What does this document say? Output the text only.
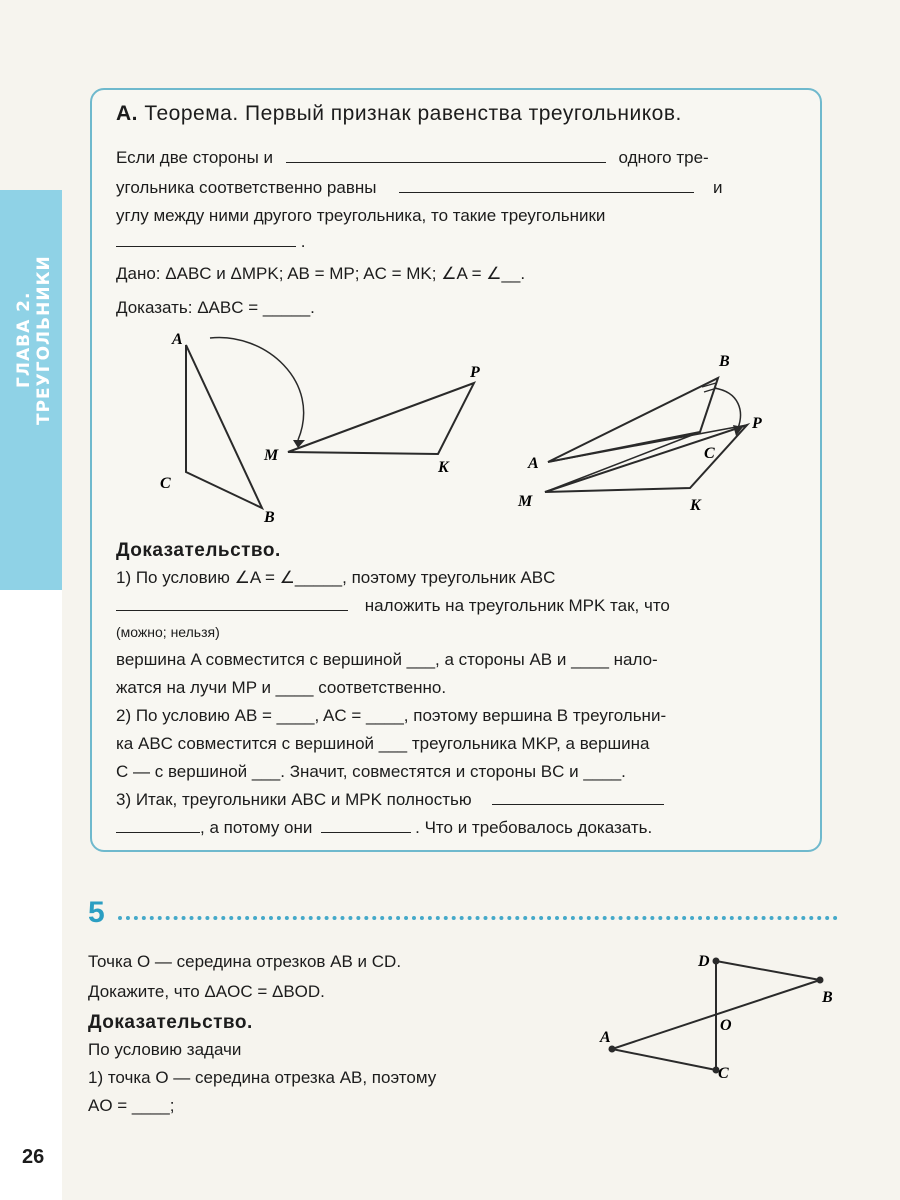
ГЛАВА 2. ТРЕУГОЛЬНИКИ
А. Теорема. Первый признак равенства треугольников.
Если две стороны и	одного тре-
угольника соответственно равны	и
углу между ними другого треугольника, то такие треугольники
.
Дано: ΔABC и ΔMPK; AB = MP; AC = MK; ∠A = ∠__.
Доказать: ΔABC = _____.
A
C
B
M
P
K
B
P
C
A
M	K
D
B
O
A
C
Доказательство.
1) По условию ∠A = ∠_____, поэтому треугольник ABC
наложить на треугольник MPK так, что
(можно; нельзя)
вершина A совместится с вершиной ___, а стороны AB и ____ нало-
жатся на лучи MP и ____ соответственно.
2) По условию AB = ____, AC = ____, поэтому вершина B треугольни-
ка ABC совместится с вершиной ___ треугольника MKP, а вершина
C — с вершиной ___. Значит, совместятся и стороны BC и ____.
3) Итак, треугольники ABC и MPK полностью
, а потому они	. Что и требовалось доказать.
5
Точка O — середина отрезков AB и CD.
Докажите, что ΔAOC = ΔBOD.
Доказательство.
По условию задачи
1) точка O — середина отрезка AB, поэтому
AO = ____;
26
